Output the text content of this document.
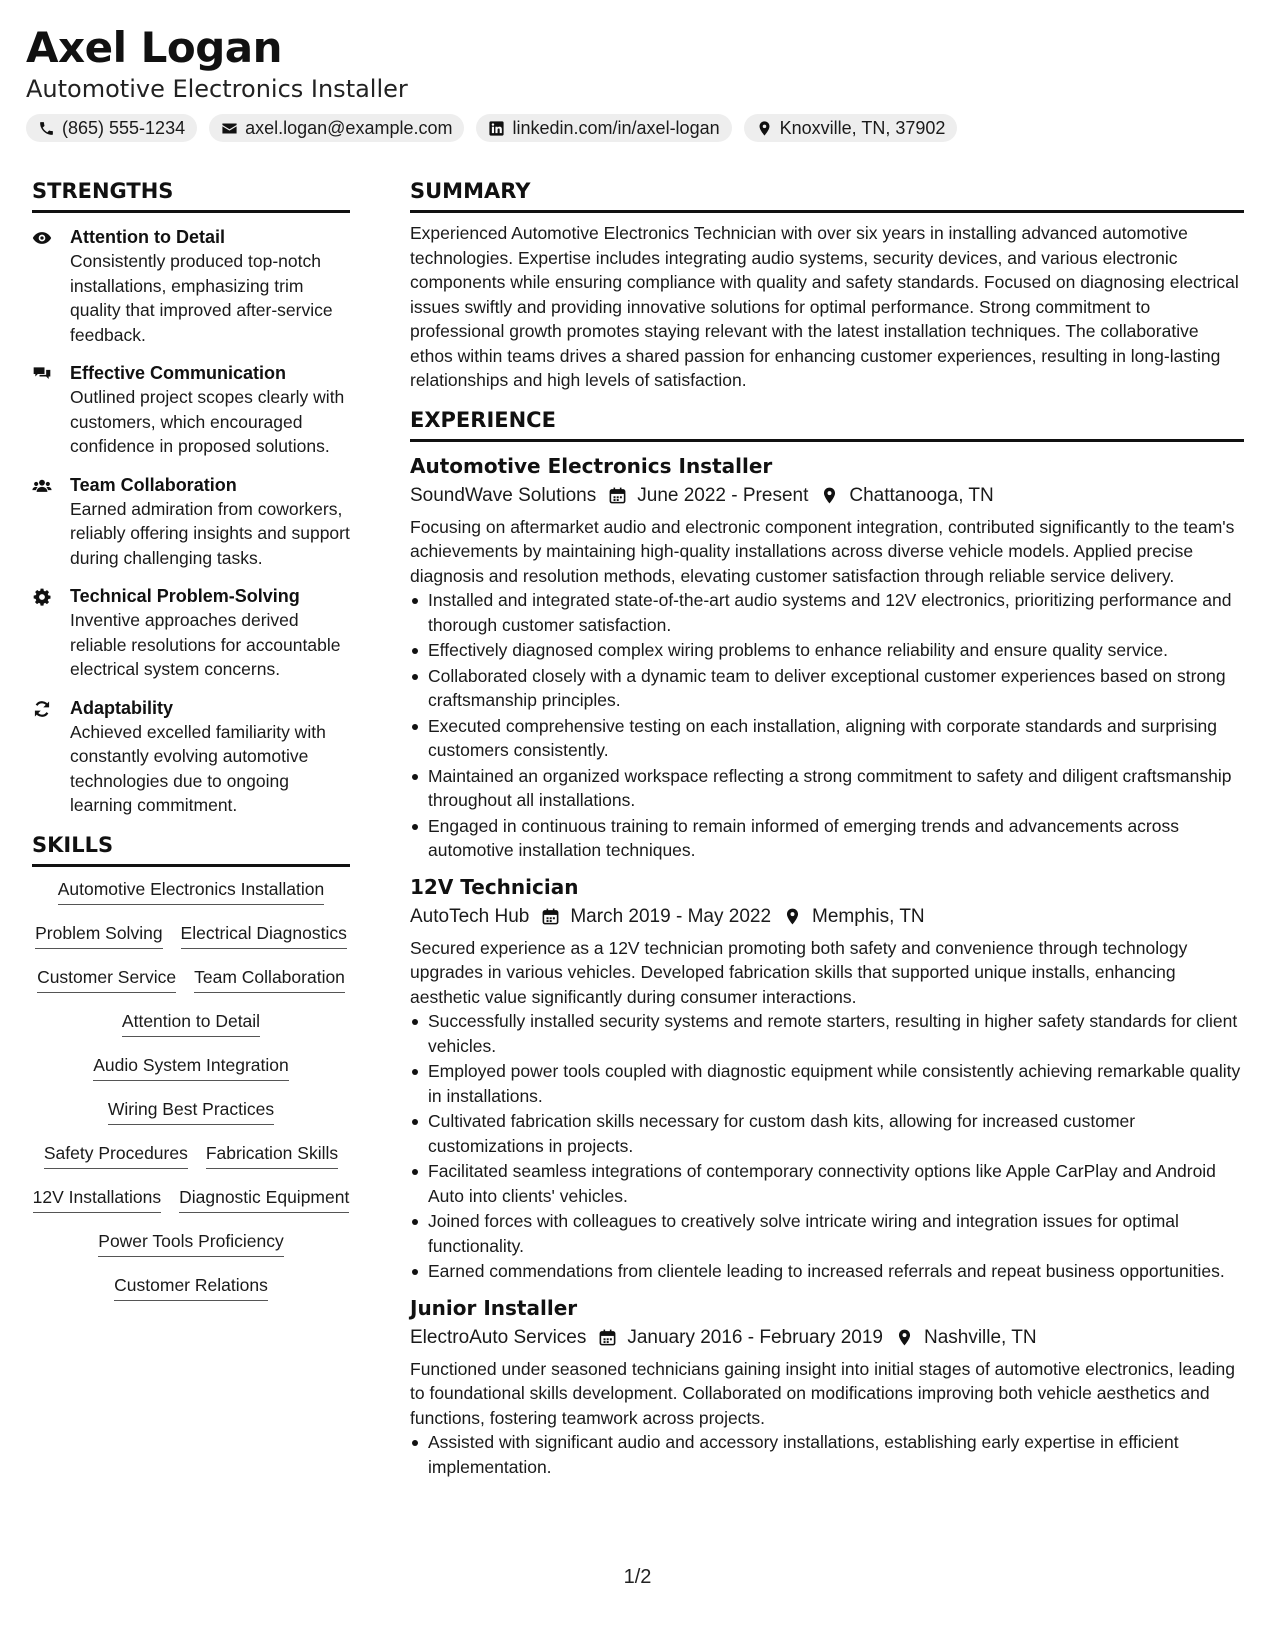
Axel Logan
Automotive Electronics Installer
(865) 555-1234	axel.logan@example.com	linkedin.com/in/axel-logan	Knoxville, TN, 37902
STRENGTHS
Attention to Detail
Consistently produced top-notch installations, emphasizing trim quality that improved after-service feedback.
Effective Communication
Outlined project scopes clearly with customers, which encouraged confidence in proposed solutions.
Team Collaboration
Earned admiration from coworkers, reliably offering insights and support during challenging tasks.
Technical Problem-Solving
Inventive approaches derived reliable resolutions for accountable electrical system concerns.
Adaptability
Achieved excelled familiarity with constantly evolving automotive technologies due to ongoing learning commitment.
SKILLS
Automotive Electronics Installation
Problem Solving Electrical Diagnostics
Customer Service Team Collaboration
Attention to Detail
Audio System Integration
Wiring Best Practices
Safety Procedures Fabrication Skills
12V Installations Diagnostic Equipment
Power Tools Proficiency
Customer Relations
SUMMARY
Experienced Automotive Electronics Technician with over six years in installing advanced automotive technologies. Expertise includes integrating audio systems, security devices, and various electronic components while ensuring compliance with quality and safety standards. Focused on diagnosing electrical issues swiftly and providing innovative solutions for optimal performance. Strong commitment to professional growth promotes staying relevant with the latest installation techniques. The collaborative ethos within teams drives a shared passion for enhancing customer experiences, resulting in long-lasting relationships and high levels of satisfaction.
EXPERIENCE
Automotive Electronics Installer
SoundWave Solutions June 2022 - Present Chattanooga, TN
Focusing on aftermarket audio and electronic component integration, contributed significantly to the team's achievements by maintaining high-quality installations across diverse vehicle models. Applied precise diagnosis and resolution methods, elevating customer satisfaction through reliable service delivery.
Installed and integrated state-of-the-art audio systems and 12V electronics, prioritizing performance and thorough customer satisfaction.
Effectively diagnosed complex wiring problems to enhance reliability and ensure quality service.
Collaborated closely with a dynamic team to deliver exceptional customer experiences based on strong craftsmanship principles.
Executed comprehensive testing on each installation, aligning with corporate standards and surprising customers consistently.
Maintained an organized workspace reflecting a strong commitment to safety and diligent craftsmanship throughout all installations.
Engaged in continuous training to remain informed of emerging trends and advancements across automotive installation techniques.
12V Technician
AutoTech Hub March 2019 - May 2022 Memphis, TN
Secured experience as a 12V technician promoting both safety and convenience through technology upgrades in various vehicles. Developed fabrication skills that supported unique installs, enhancing aesthetic value significantly during consumer interactions.
Successfully installed security systems and remote starters, resulting in higher safety standards for client vehicles.
Employed power tools coupled with diagnostic equipment while consistently achieving remarkable quality in installations.
Cultivated fabrication skills necessary for custom dash kits, allowing for increased customer customizations in projects.
Facilitated seamless integrations of contemporary connectivity options like Apple CarPlay and Android Auto into clients' vehicles.
Joined forces with colleagues to creatively solve intricate wiring and integration issues for optimal functionality.
Earned commendations from clientele leading to increased referrals and repeat business opportunities.
Junior Installer
ElectroAuto Services January 2016 - February 2019 Nashville, TN
Functioned under seasoned technicians gaining insight into initial stages of automotive electronics, leading to foundational skills development. Collaborated on modifications improving both vehicle aesthetics and functions, fostering teamwork across projects.
Assisted with significant audio and accessory installations, establishing early expertise in efficient implementation.
1/2
